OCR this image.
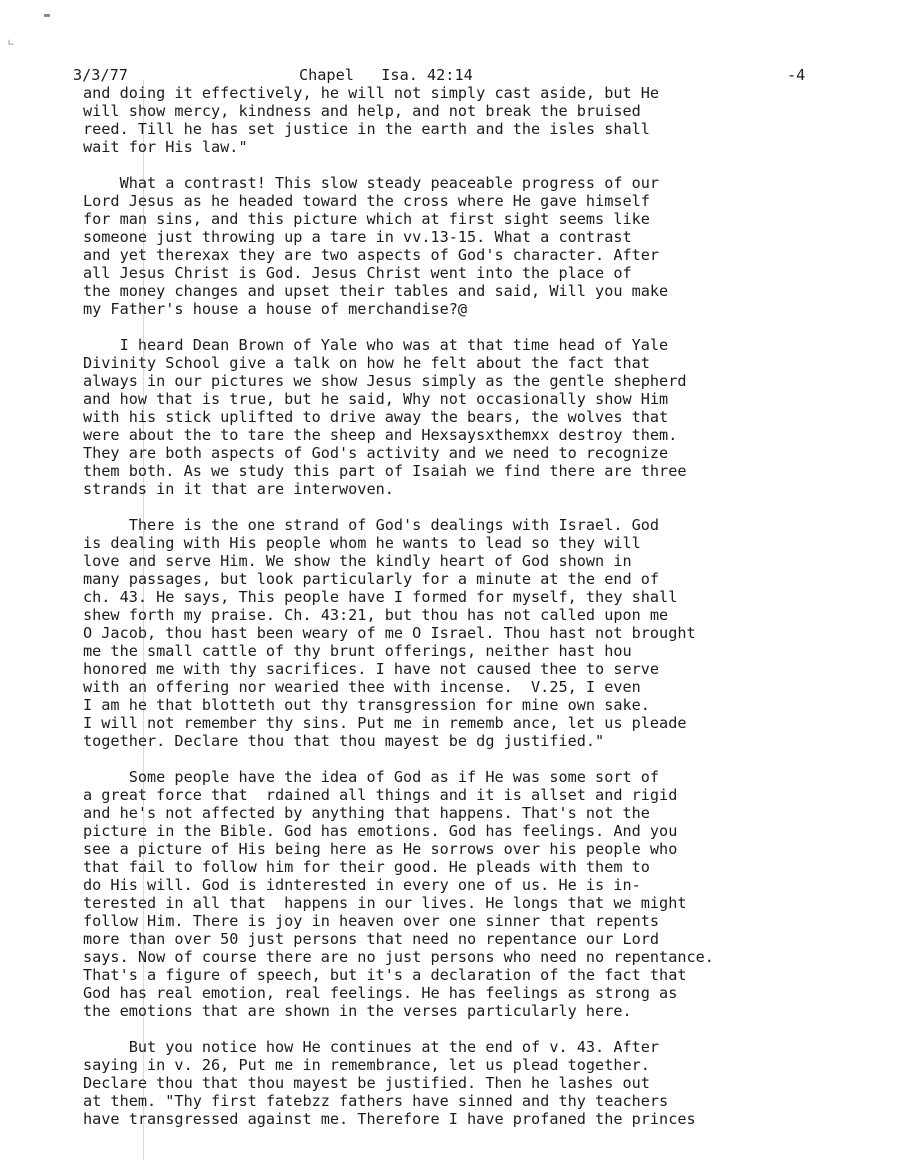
▬
∟

3/3/77

	Chapel   Isa. 42:14

	-4

and doing it effectively, he will not simply cast aside, but He
will show mercy, kindness and help, and not break the bruised
reed. Till he has set justice in the earth and the isles shall
wait for His law."
What a contrast! This slow steady peaceable progress of our
Lord Jesus as he headed toward the cross where He gave himself
for man sins, and this picture which at first sight seems like
someone just throwing up a tare in vv.13-15. What a contrast
and yet therexax they are two aspects of God's character. After
all Jesus Christ is God. Jesus Christ went into the place of
the money changes and upset their tables and said, Will you make
my Father's house a house of merchandise?@
I heard Dean Brown of Yale who was at that time head of Yale
Divinity School give a talk on how he felt about the fact that
always in our pictures we show Jesus simply as the gentle shepherd
and how that is true, but he said, Why not occasionally show Him
with his stick uplifted to drive away the bears, the wolves that
were about the to tare the sheep and Hexsaysxthemxx destroy them.
They are both aspects of God's activity and we need to recognize
them both. As we study this part of Isaiah we find there are three
strands in it that are interwoven.
There is the one strand of God's dealings with Israel. God
is dealing with His people whom he wants to lead so they will
love and serve Him. We show the kindly heart of God shown in
many passages, but look particularly for a minute at the end of
ch. 43. He says, This people have I formed for myself, they shall
shew forth my praise. Ch. 43:21, but thou has not called upon me
O Jacob, thou hast been weary of me O Israel. Thou hast not brought
me the small cattle of thy brunt offerings, neither hast hou
honored me with thy sacrifices. I have not caused thee to serve
with an offering nor wearied thee with incense.  V.25, I even
I am he that blotteth out thy transgression for mine own sake.
I will not remember thy sins. Put me in rememb ance, let us pleade
together. Declare thou that thou mayest be dg justified."
Some people have the idea of God as if He was some sort of
a great force that  rdained all things and it is allset and rigid
and he's not affected by anything that happens. That's not the
picture in the Bible. God has emotions. God has feelings. And you
see a picture of His being here as He sorrows over his people who
that fail to follow him for their good. He pleads with them to
do His will. God is idnterested in every one of us. He is in-
terested in all that  happens in our lives. He longs that we might
follow Him. There is joy in heaven over one sinner that repents
more than over 50 just persons that need no repentance our Lord
says. Now of course there are no just persons who need no repentance.
That's a figure of speech, but it's a declaration of the fact that
God has real emotion, real feelings. He has feelings as strong as
the emotions that are shown in the verses particularly here.
But you notice how He continues at the end of v. 43. After
saying in v. 26, Put me in remembrance, let us plead together.
Declare thou that thou mayest be justified. Then he lashes out
at them. "Thy first fatebzz fathers have sinned and thy teachers
have transgressed against me. Therefore I have profaned the princes
